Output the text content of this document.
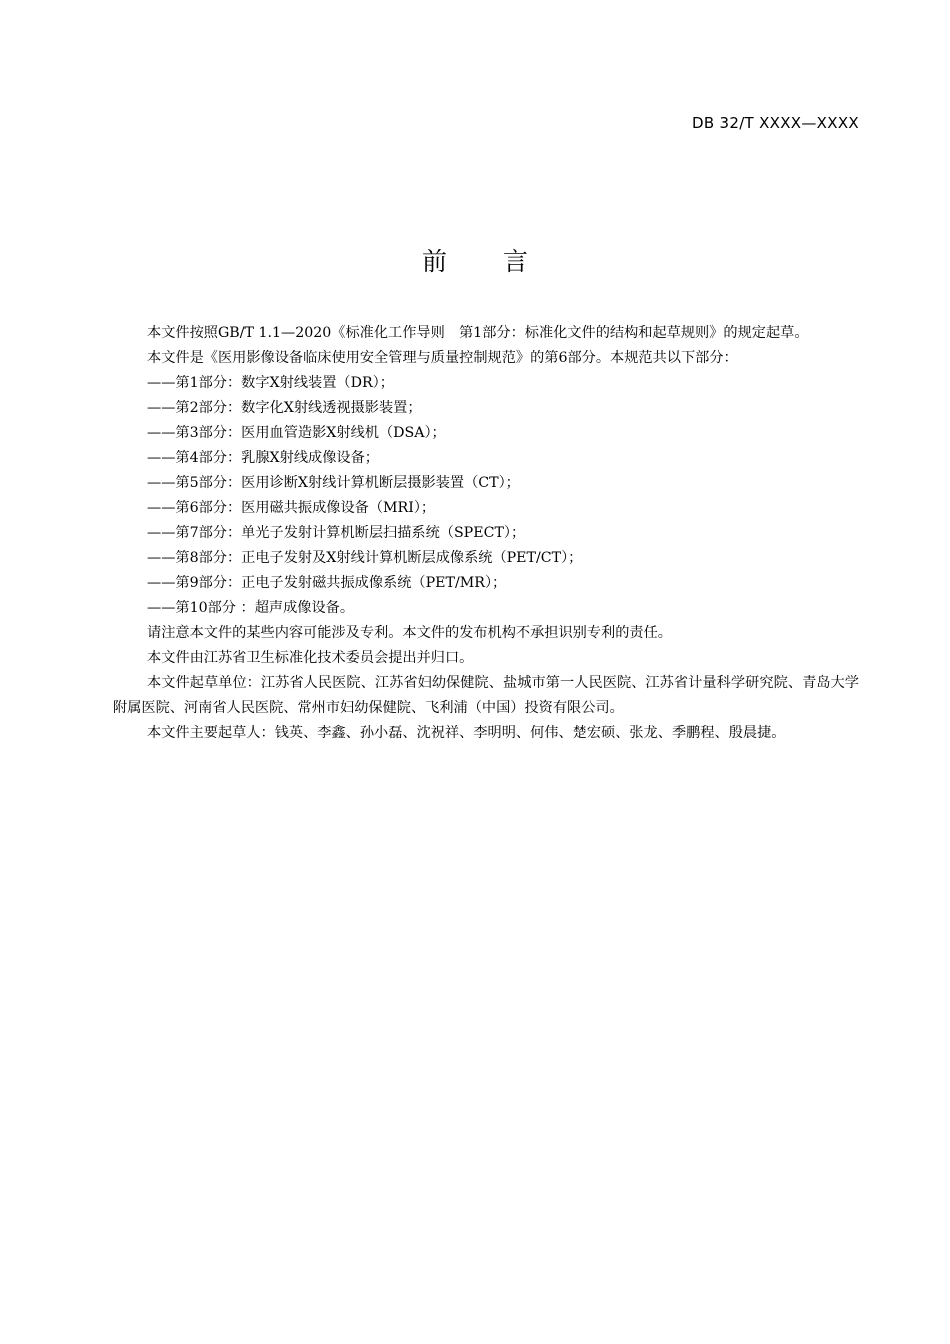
DB 32/T XXXX—XXXX
前 言

本文件按照GB/T 1.1—2020《标准化工作导则　第1部分：标准化文件的结构和起草规则》的规定起草。

本文件是《医用影像设备临床使用安全管理与质量控制规范》的第6部分。本规范共以下部分：

——第1部分：数字X射线装置（DR）；

——第2部分：数字化X射线透视摄影装置；

——第3部分：医用血管造影X射线机（DSA）；

——第4部分：乳腺X射线成像设备；

——第5部分：医用诊断X射线计算机断层摄影装置（CT）；

——第6部分：医用磁共振成像设备（MRI）；

——第7部分：单光子发射计算机断层扫描系统（SPECT）；

——第8部分：正电子发射及X射线计算机断层成像系统（PET/CT）；

——第9部分：正电子发射磁共振成像系统（PET/MR）；

——第10部分 ：超声成像设备。

请注意本文件的某些内容可能涉及专利。本文件的发布机构不承担识别专利的责任。

本文件由江苏省卫生标准化技术委员会提出并归口。

本文件起草单位：江苏省人民医院、江苏省妇幼保健院、盐城市第一人民医院、江苏省计量科学研究院、青岛大学附属医院、河南省人民医院、常州市妇幼保健院、飞利浦（中国）投资有限公司。

本文件主要起草人：钱英、李鑫、孙小磊、沈祝祥、李明明、何伟、楚宏硕、张龙、季鹏程、殷晨捷。
